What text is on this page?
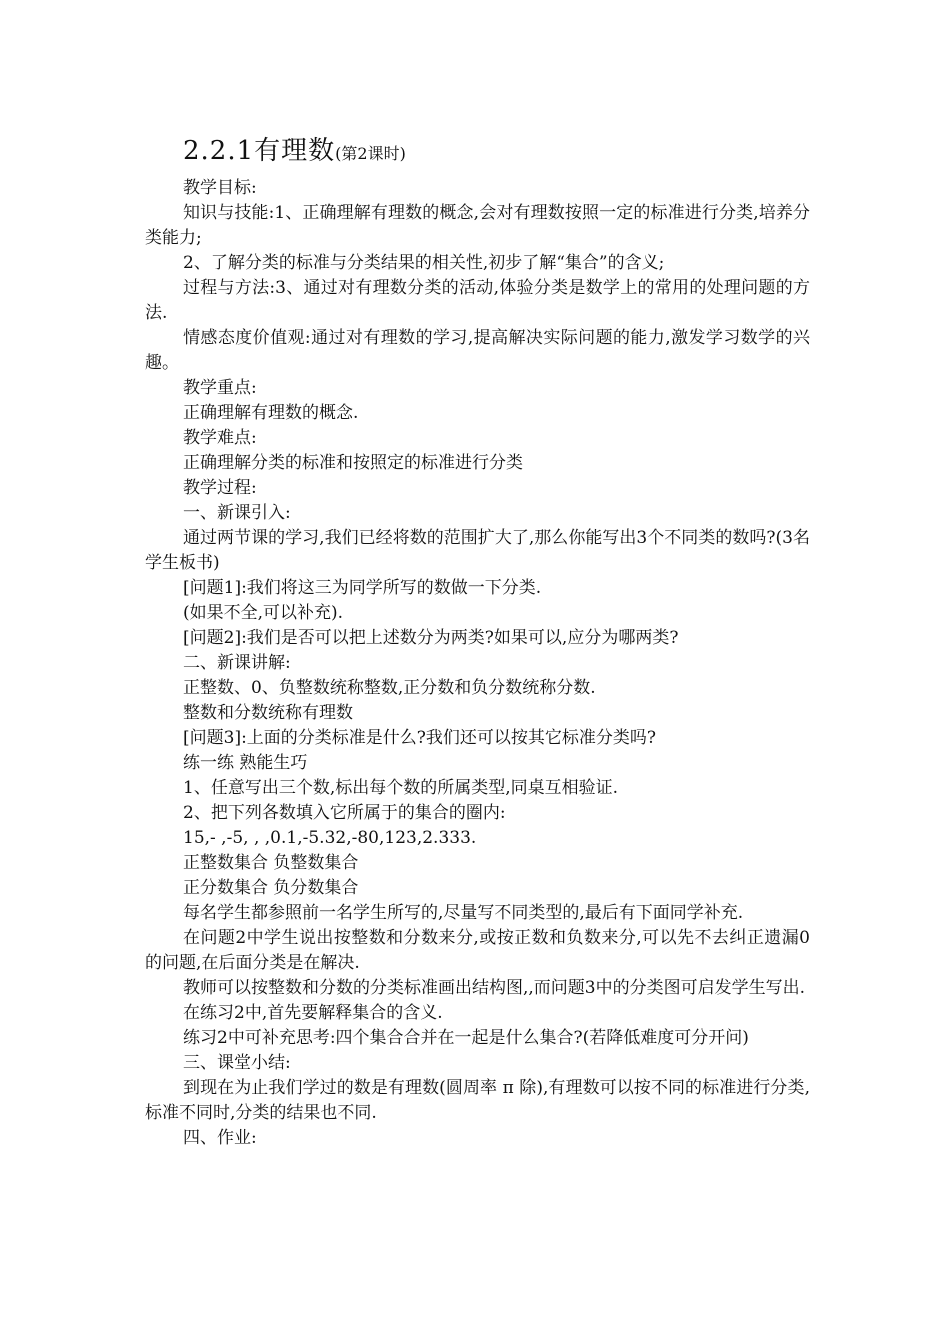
2.2.1有理数(第2课时)

教学目标:

知识与技能:1、正确理解有理数的概念,会对有理数按照一定的标准进行分类,培养分类能力;

2、了解分类的标准与分类结果的相关性,初步了解“集合”的含义;

过程与方法:3、通过对有理数分类的活动,体验分类是数学上的常用的处理问题的方法.

情感态度价值观:通过对有理数的学习,提高解决实际问题的能力,激发学习数学的兴趣。

教学重点:

正确理解有理数的概念.

教学难点:

正确理解分类的标准和按照定的标准进行分类

教学过程:

一、新课引入:

通过两节课的学习,我们已经将数的范围扩大了,那么你能写出3个不同类的数吗?(3名学生板书)

[问题1]:我们将这三为同学所写的数做一下分类.

(如果不全,可以补充).

[问题2]:我们是否可以把上述数分为两类?如果可以,应分为哪两类?

二、新课讲解:

正整数、0、负整数统称整数,正分数和负分数统称分数.

整数和分数统称有理数

[问题3]:上面的分类标准是什么?我们还可以按其它标准分类吗?

练一练 熟能生巧

1、任意写出三个数,标出每个数的所属类型,同桌互相验证.

2、把下列各数填入它所属于的集合的圈内:

15,- ,-5, , ,0.1,-5.32,-80,123,2.333.

正整数集合 负整数集合

正分数集合 负分数集合

每名学生都参照前一名学生所写的,尽量写不同类型的,最后有下面同学补充.

在问题2中学生说出按整数和分数来分,或按正数和负数来分,可以先不去纠正遗漏0的问题,在后面分类是在解决.

教师可以按整数和分数的分类标准画出结构图,,而问题3中的分类图可启发学生写出.

在练习2中,首先要解释集合的含义.

练习2中可补充思考:四个集合合并在一起是什么集合?(若降低难度可分开问)

三、课堂小结:

到现在为止我们学过的数是有理数(圆周率 π 除),有理数可以按不同的标准进行分类,标准不同时,分类的结果也不同.

四、作业:
